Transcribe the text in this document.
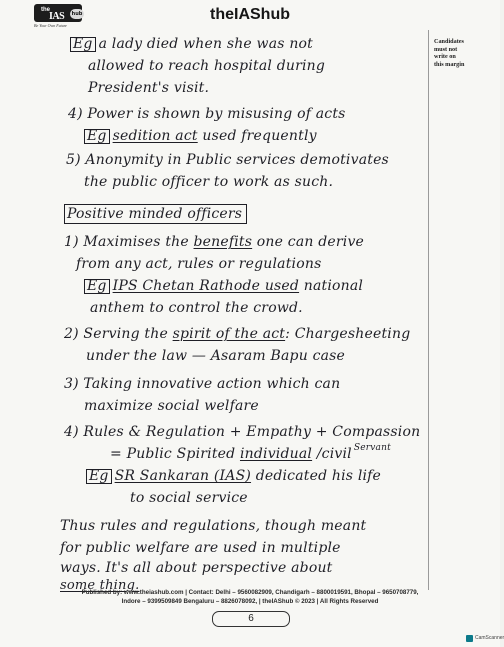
the
IAS	hub
Be Your Own Future
theIAShub
Candidates
must not
write on
this margin
Eg a lady died when she was not
allowed to reach hospital during
President's visit.
4) Power is shown by misusing of acts
Eg sedition act used frequently
5) Anonymity in Public services demotivates
the public officer to work as such.
Positive minded officers
1) Maximises the benefits one can derive
from any act, rules or regulations
Eg IPS Chetan Rathode used national
anthem to control the crowd.
2) Serving the spirit of the act: Chargesheeting
under the law — Asaram Bapu case
3) Taking innovative action which can
maximize social welfare
4) Rules & Regulation + Empathy + Compassion
= Public Spirited individual /civil $^{Servant}$
Eg SR Sankaran (IAS) dedicated his life
to social service
Thus rules and regulations, though meant
for public welfare are used in multiple
ways. It's all about perspective about
some thing.
Published by: www.theiashub.com | Contact: Delhi – 9560082909, Chandigarh – 8800019591, Bhopal – 9650708779,
Indore – 9399509849 Bengaluru – 8826078092, | theIAShub © 2023 | All Rights Reserved
6
CamScanner
